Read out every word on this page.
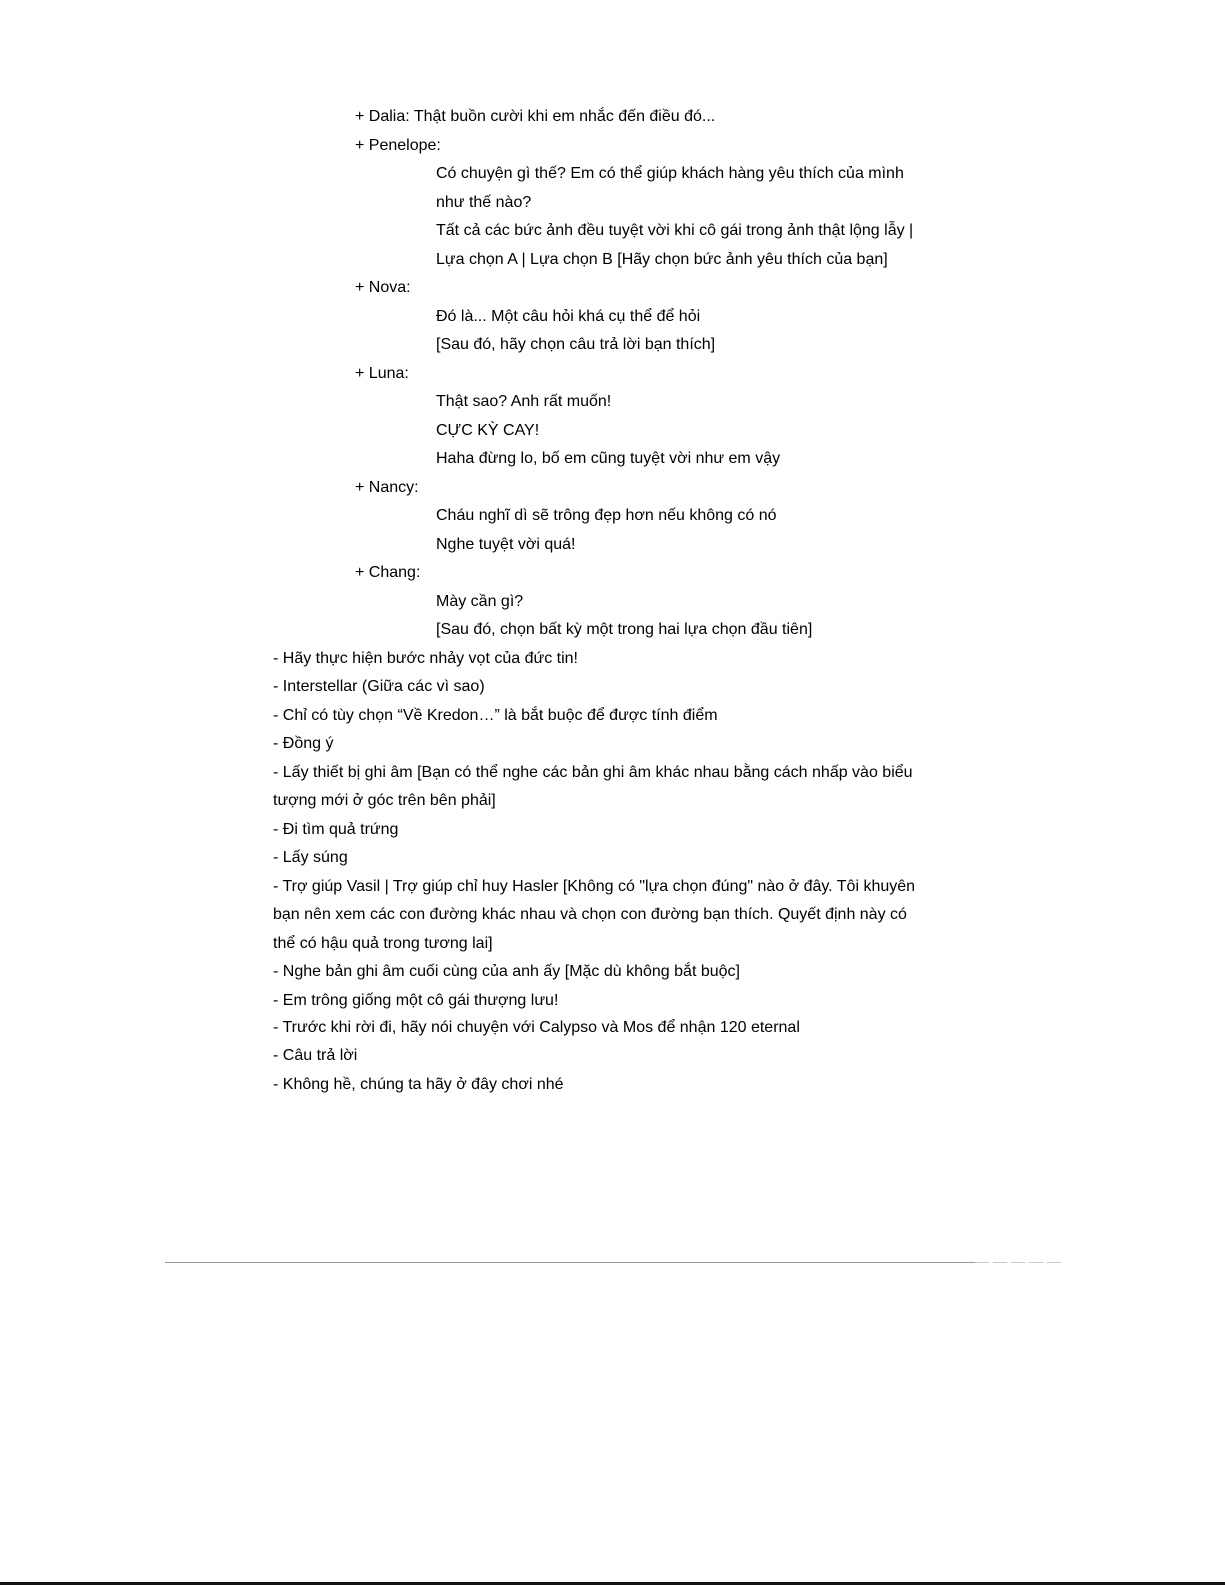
+ Dalia: Thật buồn cười khi em nhắc đến điều đó...
+ Penelope:
Có chuyện gì thế? Em có thể giúp khách hàng yêu thích của mình
như thế nào?
Tất cả các bức ảnh đều tuyệt vời khi cô gái trong ảnh thật lộng lẫy |
Lựa chọn A | Lựa chọn B [Hãy chọn bức ảnh yêu thích của bạn]
+ Nova:
Đó là... Một câu hỏi khá cụ thể để hỏi
[Sau đó, hãy chọn câu trả lời bạn thích]
+ Luna:
Thật sao? Anh rất muốn!
CỰC KỲ CAY!
Haha đừng lo, bố em cũng tuyệt vời như em vậy
+ Nancy:
Cháu nghĩ dì sẽ trông đẹp hơn nếu không có nó
Nghe tuyệt vời quá!
+ Chang:
Mày cần gì?
[Sau đó, chọn bất kỳ một trong hai lựa chọn đầu tiên]
- Hãy thực hiện bước nhảy vọt của đức tin!
- Interstellar (Giữa các vì sao)
- Chỉ có tùy chọn “Về Kredon…” là bắt buộc để được tính điểm
- Đồng ý
- Lấy thiết bị ghi âm [Bạn có thể nghe các bản ghi âm khác nhau bằng cách nhấp vào biểu
tượng mới ở góc trên bên phải]
- Đi tìm quả trứng
- Lấy súng
- Trợ giúp Vasil | Trợ giúp chỉ huy Hasler [Không có "lựa chọn đúng" nào ở đây. Tôi khuyên
bạn nên xem các con đường khác nhau và chọn con đường bạn thích. Quyết định này có
thể có hậu quả trong tương lai]
- Nghe bản ghi âm cuối cùng của anh ấy [Mặc dù không bắt buộc]
- Em trông giống một cô gái thượng lưu!
- Trước khi rời đi, hãy nói chuyện với Calypso và Mos để nhận 120 eternal
- Câu trả lời
- Không hề, chúng ta hãy ở đây chơi nhé
